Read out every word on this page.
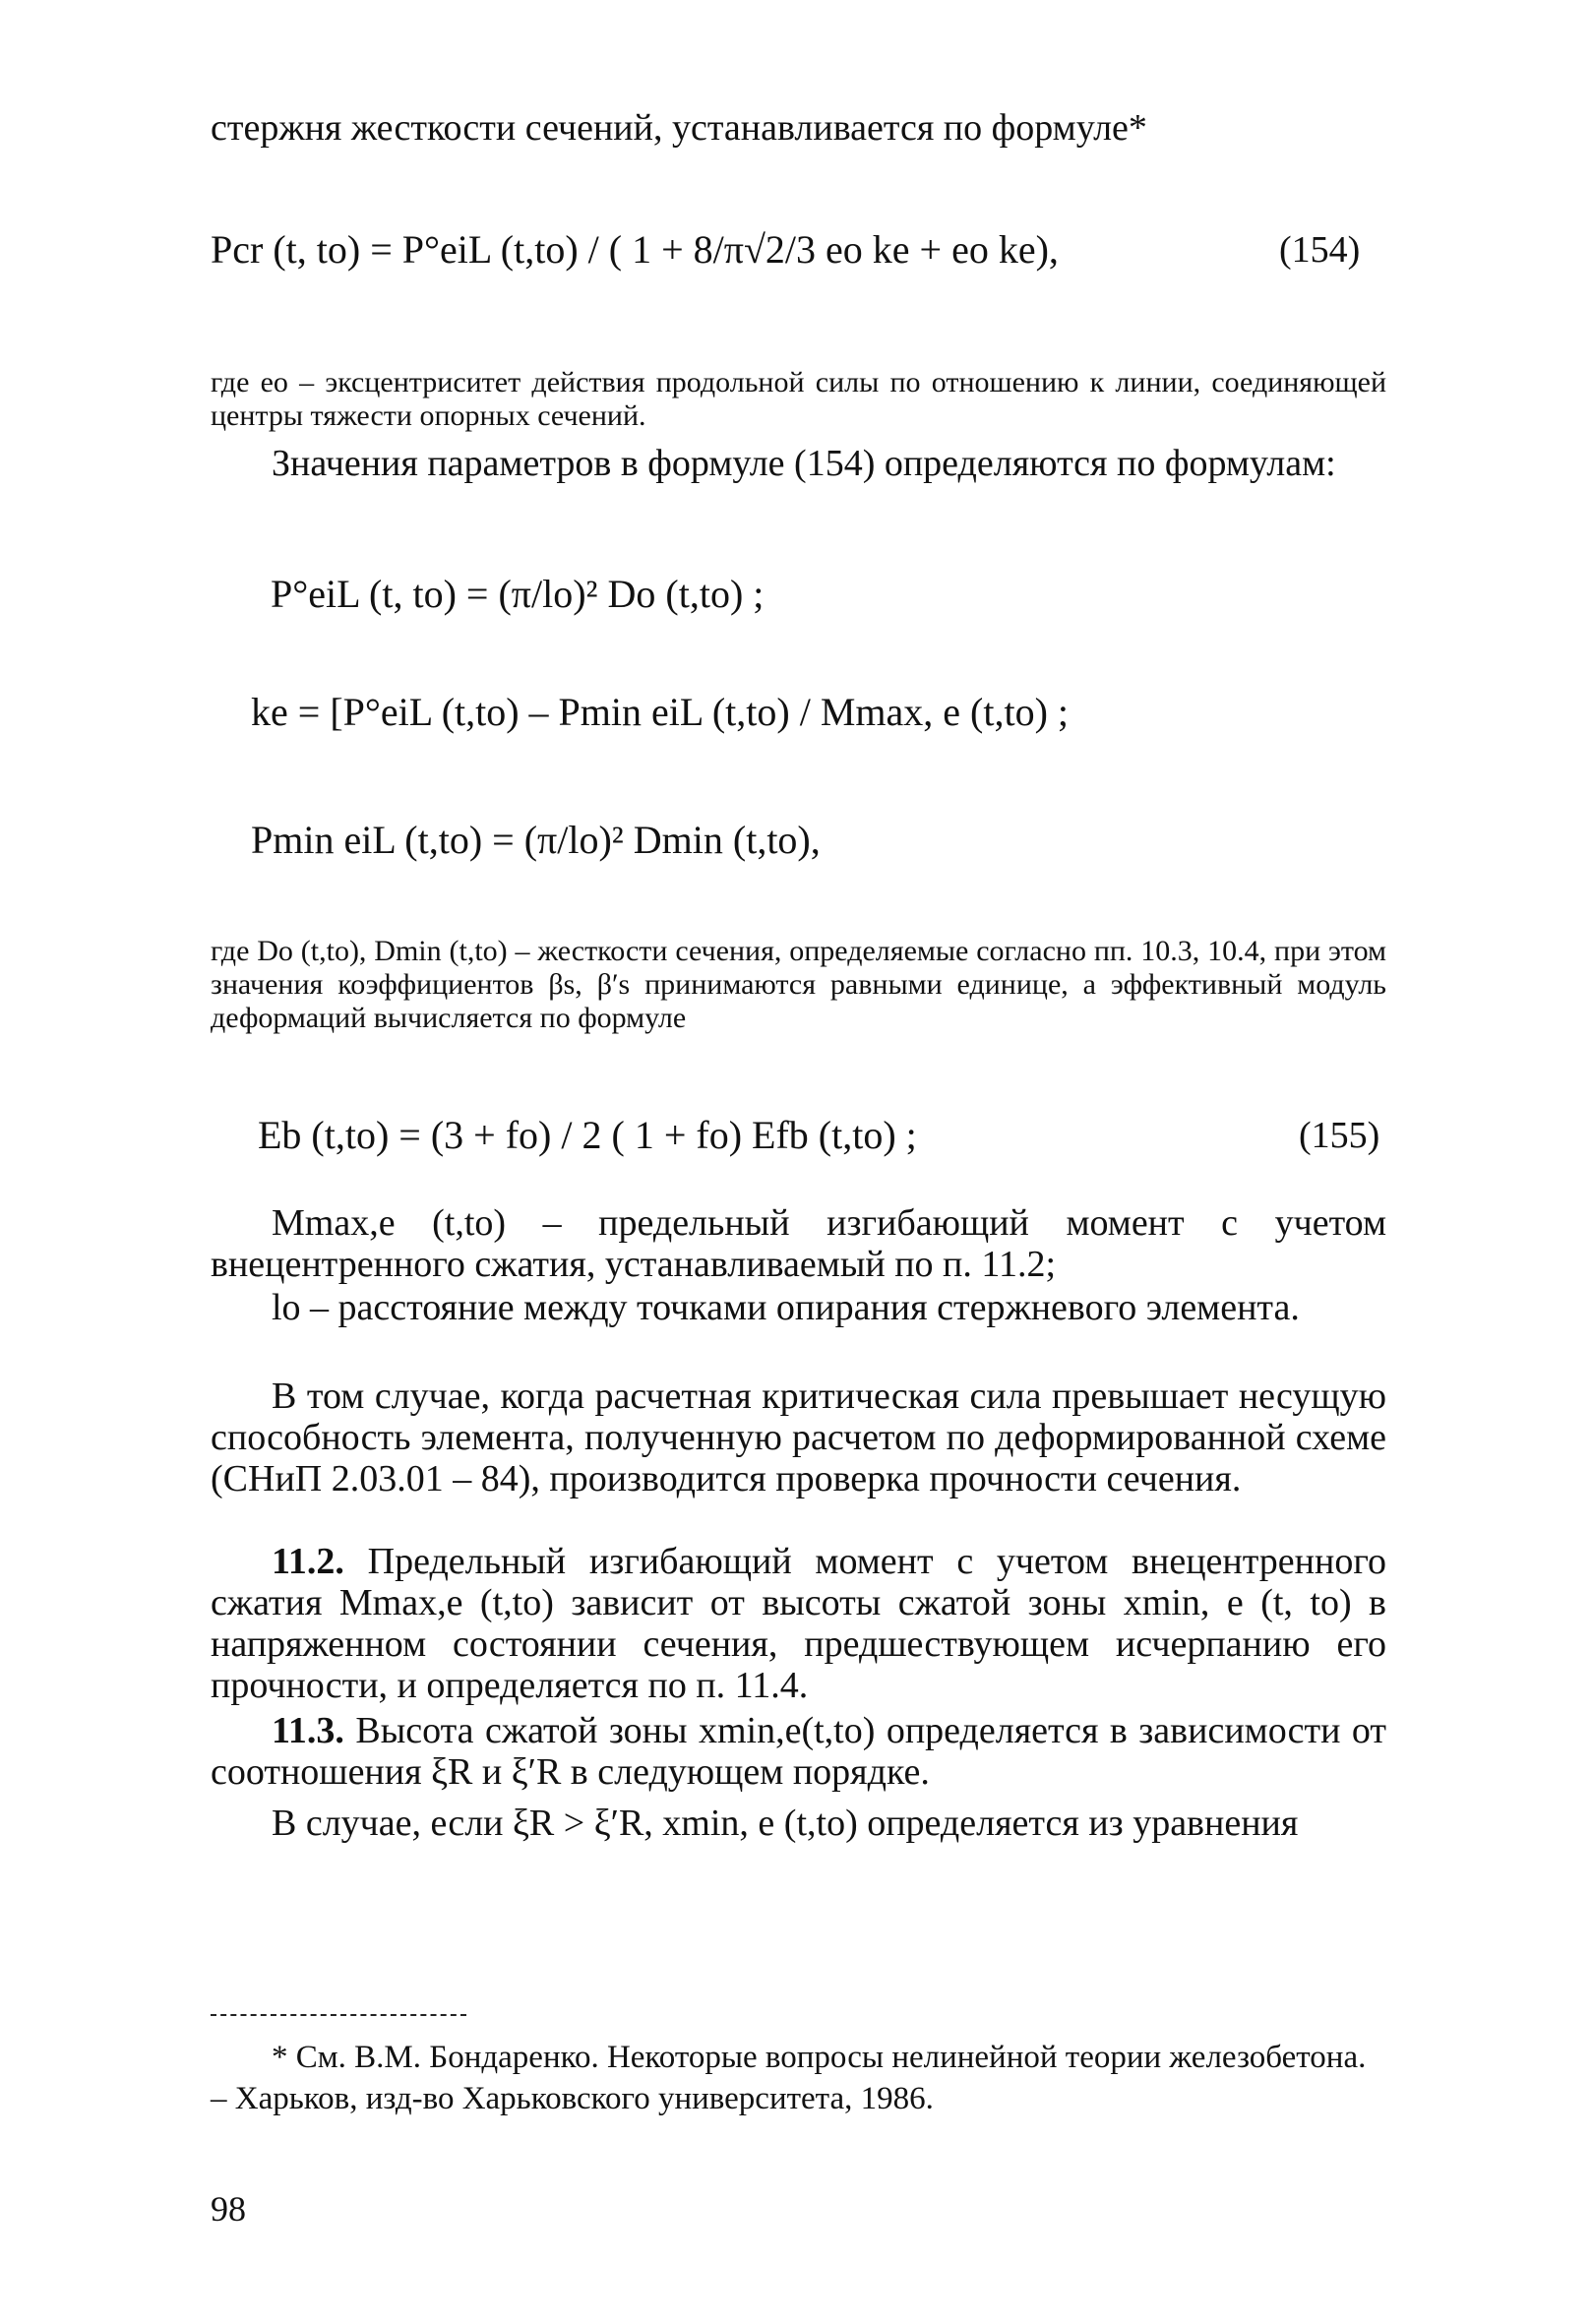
стержня жесткости сечений, устанавливается по формуле*
Pcr (t, to) = P°eiL (t,to) / ( 1 + 8/π√2/3 eo ke + eo ke),	(154)
где eo – эксцентриситет действия продольной силы по отношению к линии, соединяющей центры тяжести опорных сечений.
Значения параметров в формуле (154) определяются по формулам:
P°eiL (t, to) = (π/lo)² Do (t,to) ;
ke = [P°eiL (t,to) – Pmin eiL (t,to) / Mmax, e (t,to) ;
Pmin eiL (t,to) = (π/lo)² Dmin (t,to),
где Do (t,to), Dmin (t,to) – жесткости сечения, определяемые согласно пп. 10.3, 10.4, при этом значения коэффициентов βs, β′s принимаются равными единице, а эффективный модуль деформаций вычисляется по формуле
Eb (t,to) = (3 + fo) / 2 ( 1 + fo) Efb (t,to) ;	(155)
Mmax,e (t,to) – предельный изгибающий момент с учетом внецентренного сжатия, устанавливаемый по п. 11.2;
lo – расстояние между точками опирания стержневого элемента.
В том случае, когда расчетная критическая сила превышает несущую способность элемента, полученную расчетом по деформированной схеме (СНиП 2.03.01 – 84), производится проверка прочности сечения.
11.2. Предельный изгибающий момент с учетом внецентренного сжатия Mmax,e (t,to) зависит от высоты сжатой зоны xmin, e (t, to) в напряженном состоянии сечения, предшествующем исчерпанию его прочности, и определяется по п. 11.4.
11.3. Высота сжатой зоны xmin,e(t,to) определяется в зависимости от соотношения ξR и ξ′R в следующем порядке.
В случае, если ξR > ξ′R, xmin, e (t,to) определяется из уравнения
* См. В.М. Бондаренко. Некоторые вопросы нелинейной теории железобетона. – Харьков, изд-во Харьковского университета, 1986.
98
